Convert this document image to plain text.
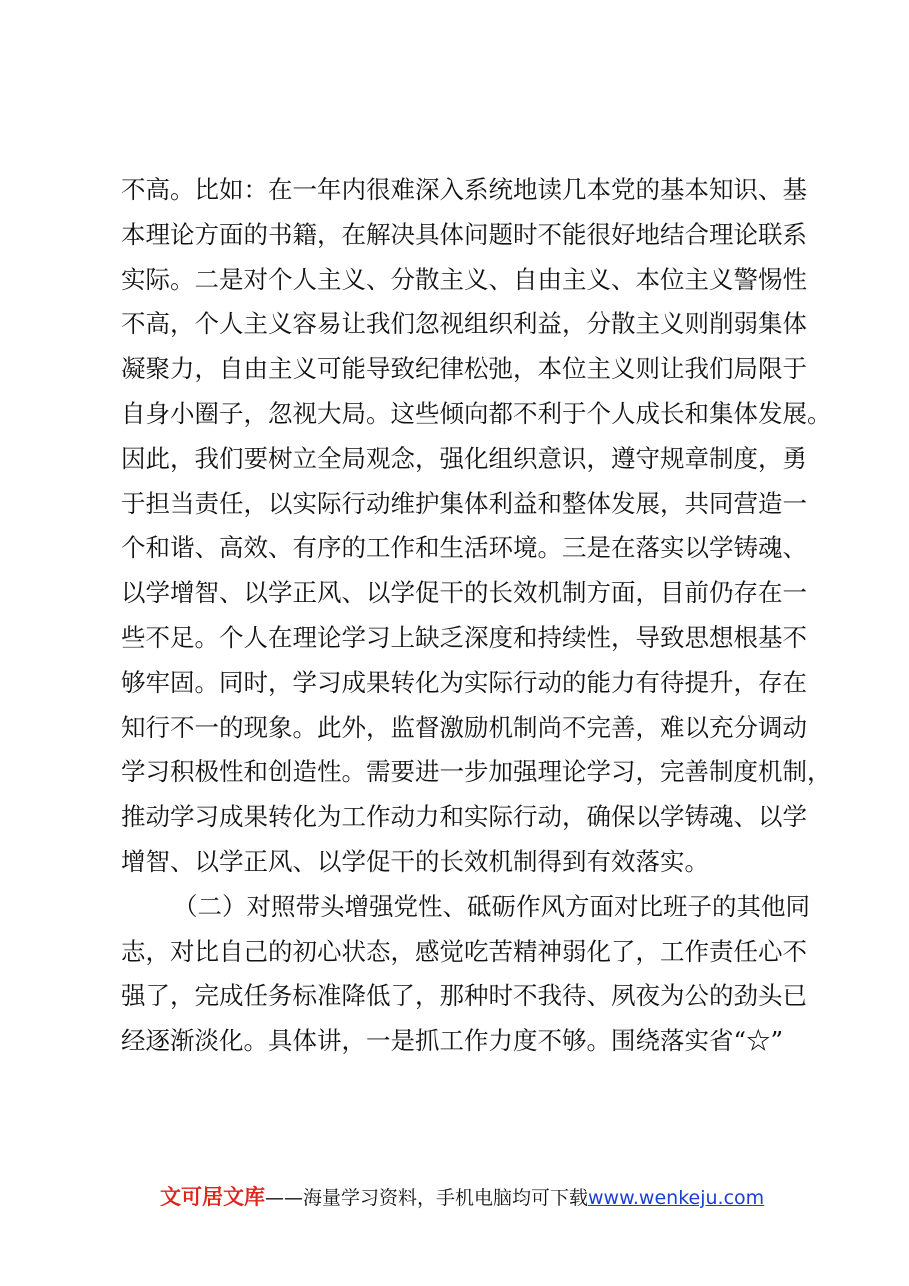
不高。比如：在一年内很难深入系统地读几本党的基本知识、基
本理论方面的书籍，在解决具体问题时不能很好地结合理论联系
实际。二是对个人主义、分散主义、自由主义、本位主义警惕性
不高，个人主义容易让我们忽视组织利益，分散主义则削弱集体
凝聚力，自由主义可能导致纪律松弛，本位主义则让我们局限于
自身小圈子，忽视大局。这些倾向都不利于个人成长和集体发展。
因此，我们要树立全局观念，强化组织意识，遵守规章制度，勇
于担当责任，以实际行动维护集体利益和整体发展，共同营造一
个和谐、高效、有序的工作和生活环境。三是在落实以学铸魂、
以学增智、以学正风、以学促干的长效机制方面，目前仍存在一
些不足。个人在理论学习上缺乏深度和持续性，导致思想根基不
够牢固。同时，学习成果转化为实际行动的能力有待提升，存在
知行不一的现象。此外，监督激励机制尚不完善，难以充分调动
学习积极性和创造性。需要进一步加强理论学习，完善制度机制，
推动学习成果转化为工作动力和实际行动，确保以学铸魂、以学
增智、以学正风、以学促干的长效机制得到有效落实。
（二）对照带头增强党性、砥砺作风方面对比班子的其他同
志，对比自己的初心状态，感觉吃苦精神弱化了，工作责任心不
强了，完成任务标准降低了，那种时不我待、夙夜为公的劲头已
经逐渐淡化。具体讲，一是抓工作力度不够。围绕落实省“☆”
文可居文库——海量学习资料，手机电脑均可下载www.wenkeju.com
